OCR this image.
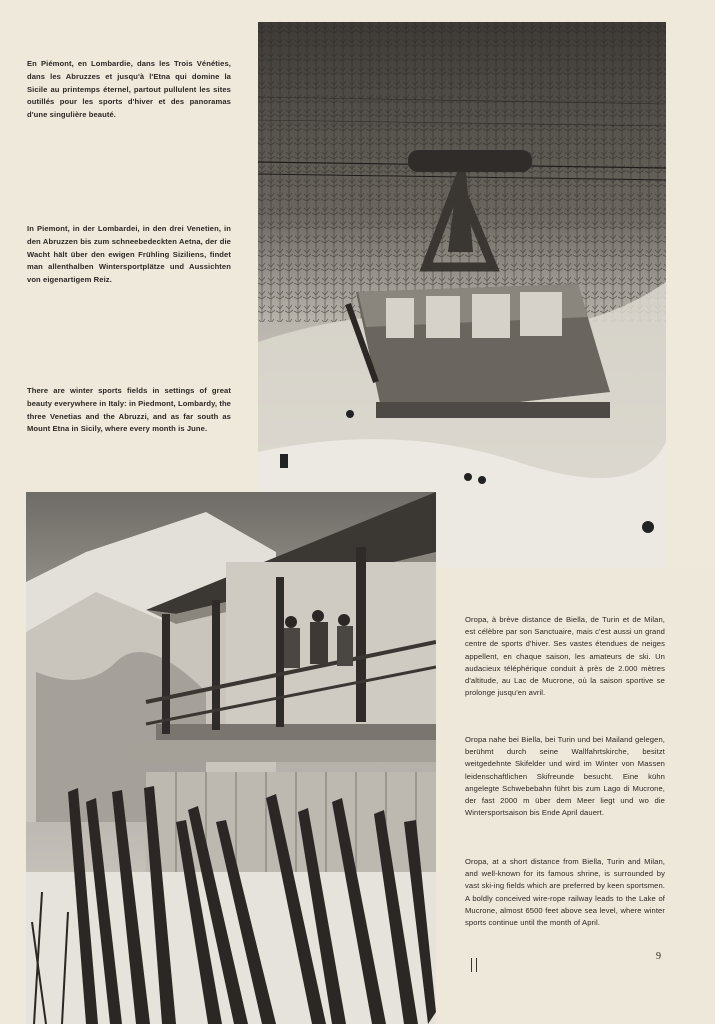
En Piémont, en Lombardie, dans les Trois Vénéties, dans les Abruzzes et jusqu'à l'Etna qui domine la Sicile au printemps éternel, partout pullulent les sites outillés pour les sports d'hiver et des panoramas d'une singulière beauté.
In Piemont, in der Lombardei, in den drei Venetien, in den Abruzzen bis zum schneebedeckten Aetna, der die Wacht hält über den ewigen Frühling Siziliens, findet man allenthalben Wintersportplätze und Aussichten von eigenartigem Reiz.
There are winter sports fields in settings of great beauty everywhere in Italy: in Piedmont, Lombardy, the three Venetias and the Abruzzi, and as far south as Mount Etna in Sicily, where every month is June.
Oropa, à brève distance de Biella, de Turin et de Milan, est célèbre par son Sanctuaire, mais c'est aussi un grand centre de sports d'hiver. Ses vastes étendues de neiges appellent, en chaque saison, les amateurs de ski. Un audacieux téléphérique conduit à près de 2.000 mètres d'altitude, au Lac de Mucrone, où la saison sportive se prolonge jusqu'en avril.
Oropa nahe bei Biella, bei Turin und bei Mailand gelegen, berühmt durch seine Wallfahrtskirche, besitzt weitgedehnte Skifelder und wird im Winter von Massen leidenschaftlichen Skifreunde besucht. Eine kühn angelegte Schwebebahn führt bis zum Lago di Mucrone, der fast 2000 m über dem Meer liegt und wo die Wintersportsaison bis Ende April dauert.
Oropa, at a short distance from Biella, Turin and Milan, and well-known for its famous shrine, is surrounded by vast ski-ing fields which are preferred by keen sportsmen. A boldly conceived wire-rope railway leads to the Lake of Mucrone, almost 6500 feet above sea level, where winter sports continue until the month of April.
9
